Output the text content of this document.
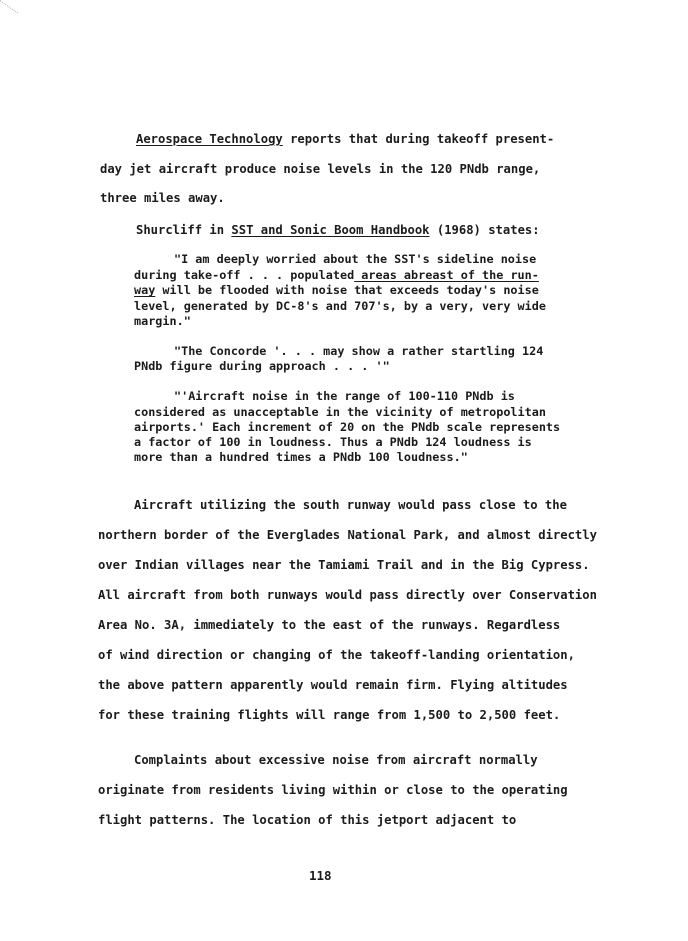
Aerospace Technology reports that during takeoff present-
day jet aircraft produce noise levels in the 120 PNdb range,
three miles away.
Shurcliff in SST and Sonic Boom Handbook (1968) states:
"I am deeply worried about the SST's sideline noise
during take-off . . . populated areas abreast of the run-
way will be flooded with noise that exceeds today's noise
level, generated by DC-8's and 707's, by a very, very wide
margin."
"The Concorde '. . . may show a rather startling 124
PNdb figure during approach . . . '"
"'Aircraft noise in the range of 100-110 PNdb is
considered as unacceptable in the vicinity of metropolitan
airports.' Each increment of 20 on the PNdb scale represents
a factor of 100 in loudness. Thus a PNdb 124 loudness is
more than a hundred times a PNdb 100 loudness."
Aircraft utilizing the south runway would pass close to the
northern border of the Everglades National Park, and almost directly
over Indian villages near the Tamiami Trail and in the Big Cypress.
All aircraft from both runways would pass directly over Conservation
Area No. 3A, immediately to the east of the runways. Regardless
of wind direction or changing of the takeoff-landing orientation,
the above pattern apparently would remain firm. Flying altitudes
for these training flights will range from 1,500 to 2,500 feet.
Complaints about excessive noise from aircraft normally
originate from residents living within or close to the operating
flight patterns. The location of this jetport adjacent to
118
